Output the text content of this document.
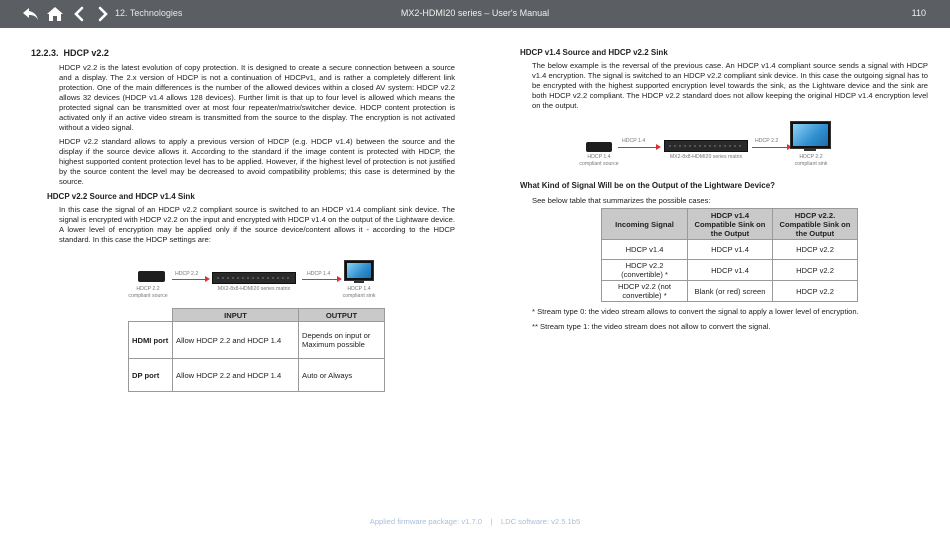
12. Technologies	MX2-HDMI20 series – User's Manual	110
12.2.3. HDCP v2.2

HDCP v2.2 is the latest evolution of copy protection. It is designed to create a secure connection between a source and a display. The 2.x version of HDCP is not a continuation of HDCPv1, and is rather a completely different link protection. One of the main differences is the number of the allowed devices within a closed AV system: HDCP v2.2 allows 32 devices (HDCP v1.4 allows 128 devices). Further limit is that up to four level is allowed which means the protected signal can be transmitted over at most four repeater/matrix/switcher device. HDCP content protection is activated only if an active video stream is transmitted from the source to the display. The encryption is not activated without a video signal.

HDCP v2.2 standard allows to apply a previous version of HDCP (e.g. HDCP v1.4) between the source and the display if the source device allows it. According to the standard if the image content is protected with HDCP, the highest supported content protection level has to be applied. However, if the highest level of protection is not justified by the source content the level may be decreased to avoid compatibility problems; this case is determined by the source.

HDCP v2.2 Source and HDCP v1.4 Sink

In this case the signal of an HDCP v2.2 compliant source is switched to an HDCP v1.4 compliant sink device. The signal is encrypted with HDCP v2.2 on the input and encrypted with HDCP v1.4 on the output of the Lightware device. A lower level of encryption may be applied only if the source device/content allows it - according to the HDCP standard. In this case the HDCP settings are:

HDCP 2.2
compliant source
HDCP 2.2
MX2-8x8-HDMI20 series matrix
HDCP 1.4
HDCP 1.4
compliant sink
	INPUT	OUTPUT
HDMI port	Allow HDCP 2.2 and HDCP 1.4	Depends on input or Maximum possible
DP port	Allow HDCP 2.2 and HDCP 1.4	Auto or Always
HDCP v1.4 Source and HDCP v2.2 Sink

The below example is the reversal of the previous case. An HDCP v1.4 compliant source sends a signal with HDCP v1.4 encryption. The signal is switched to an HDCP v2.2 compliant sink device. In this case the outgoing signal has to be encrypted with the highest supported encryption level towards the sink, as the Lightware device and the sink are both HDCP v2.2 compliant. The HDCP v2.2 standard does not allow keeping the original HDCP v1.4 encryption level on the output.

HDCP 1.4
compliant source
HDCP 1.4
MX2-8x8-HDMI20 series matrix
HDCP 2.2
HDCP 2.2
compliant sink
What Kind of Signal Will be on the Output of the Lightware Device?
See below table that summarizes the possible cases:
Incoming Signal	HDCP v1.4 Compatible Sink on the Output	HDCP v2.2. Compatible Sink on the Output
HDCP v1.4	HDCP v1.4	HDCP v2.2
HDCP v2.2 (convertible) *	HDCP v1.4	HDCP v2.2
HDCP v2.2 (not convertible) *	Blank (or red) screen	HDCP v2.2
* Stream type 0: the video stream allows to convert the signal to apply a lower level of encryption.
** Stream type 1: the video stream does not allow to convert the signal.
Applied firmware package: v1.7.0    |    LDC software: v2.5.1b5
